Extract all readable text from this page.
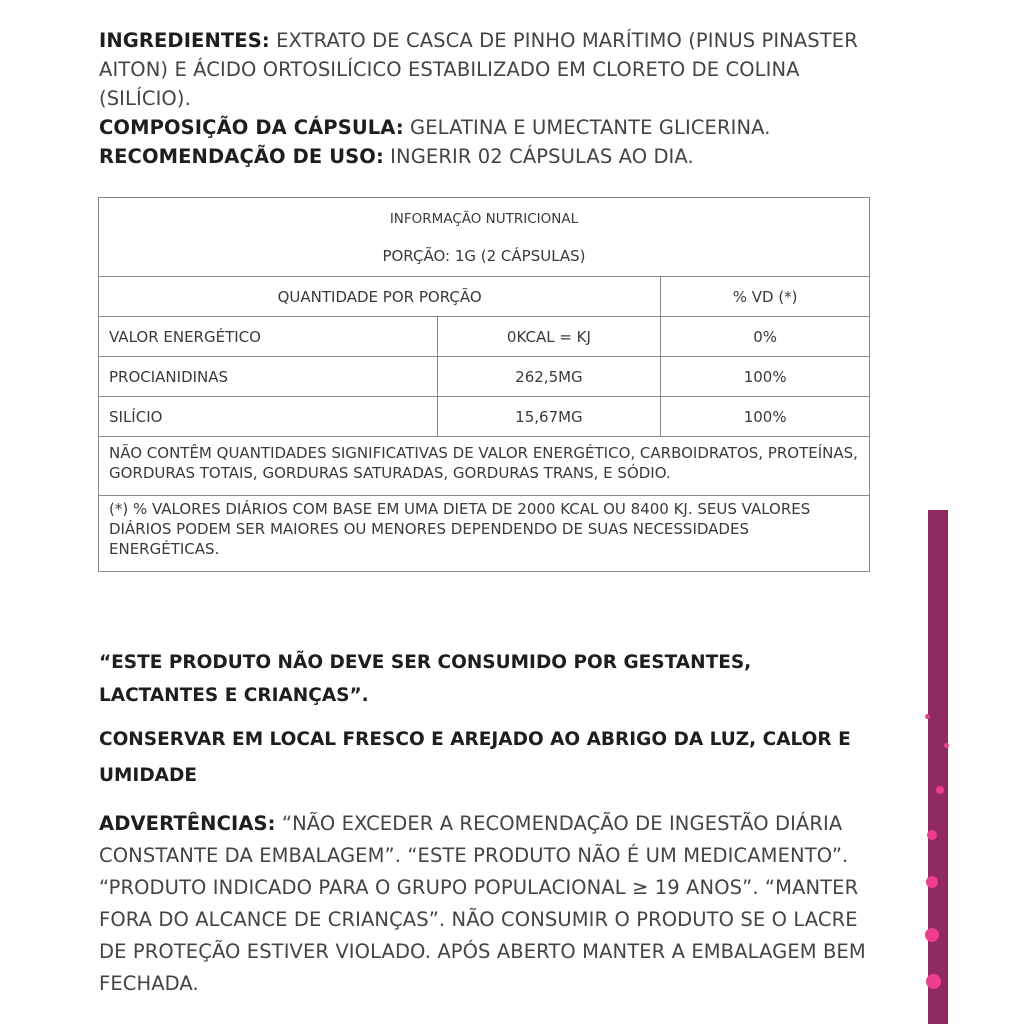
INGREDIENTES: EXTRATO DE CASCA DE PINHO MARÍTIMO (PINUS PINASTER AITON) E ÁCIDO ORTOSILÍCICO ESTABILIZADO EM CLORETO DE COLINA (SILÍCIO).

COMPOSIÇÃO DA CÁPSULA: GELATINA E UMECTANTE GLICERINA.

RECOMENDAÇÃO DE USO: INGERIR 02 CÁPSULAS AO DIA.

INFORMAÇÃO NUTRICIONAL
PORÇÃO: 1G (2 CÁPSULAS)		

QUANTIDADE POR PORÇÃO		% VD (*)
VALOR ENERGÉTICO	0KCAL = KJ	0%
PROCIANIDINAS	262,5MG	100%
SILÍCIO	15,67MG	100%
NÃO CONTÊM QUANTIDADES SIGNIFICATIVAS DE VALOR ENERGÉTICO, CARBOIDRATOS, PROTEÍNAS, GORDURAS TOTAIS, GORDURAS SATURADAS, GORDURAS TRANS, E SÓDIO.		
(*) % VALORES DIÁRIOS COM BASE EM UMA DIETA DE 2000 KCAL OU 8400 KJ. SEUS VALORES DIÁRIOS PODEM SER MAIORES OU MENORES DEPENDENDO DE SUAS NECESSIDADES ENERGÉTICAS.		
“ESTE PRODUTO NÃO DEVE SER CONSUMIDO POR GESTANTES, LACTANTES E CRIANÇAS”.
CONSERVAR EM LOCAL FRESCO E AREJADO AO ABRIGO DA LUZ, CALOR E UMIDADE

ADVERTÊNCIAS: “NÃO EXCEDER A RECOMENDAÇÃO DE INGESTÃO DIÁRIA CONSTANTE DA EMBALAGEM”. “ESTE PRODUTO NÃO É UM MEDICAMENTO”. “PRODUTO INDICADO PARA O GRUPO POPULACIONAL ≥ 19 ANOS”. “MANTER FORA DO ALCANCE DE CRIANÇAS”. NÃO CONSUMIR O PRODUTO SE O LACRE DE PROTEÇÃO ESTIVER VIOLADO. APÓS ABERTO MANTER A EMBALAGEM BEM FECHADA.
